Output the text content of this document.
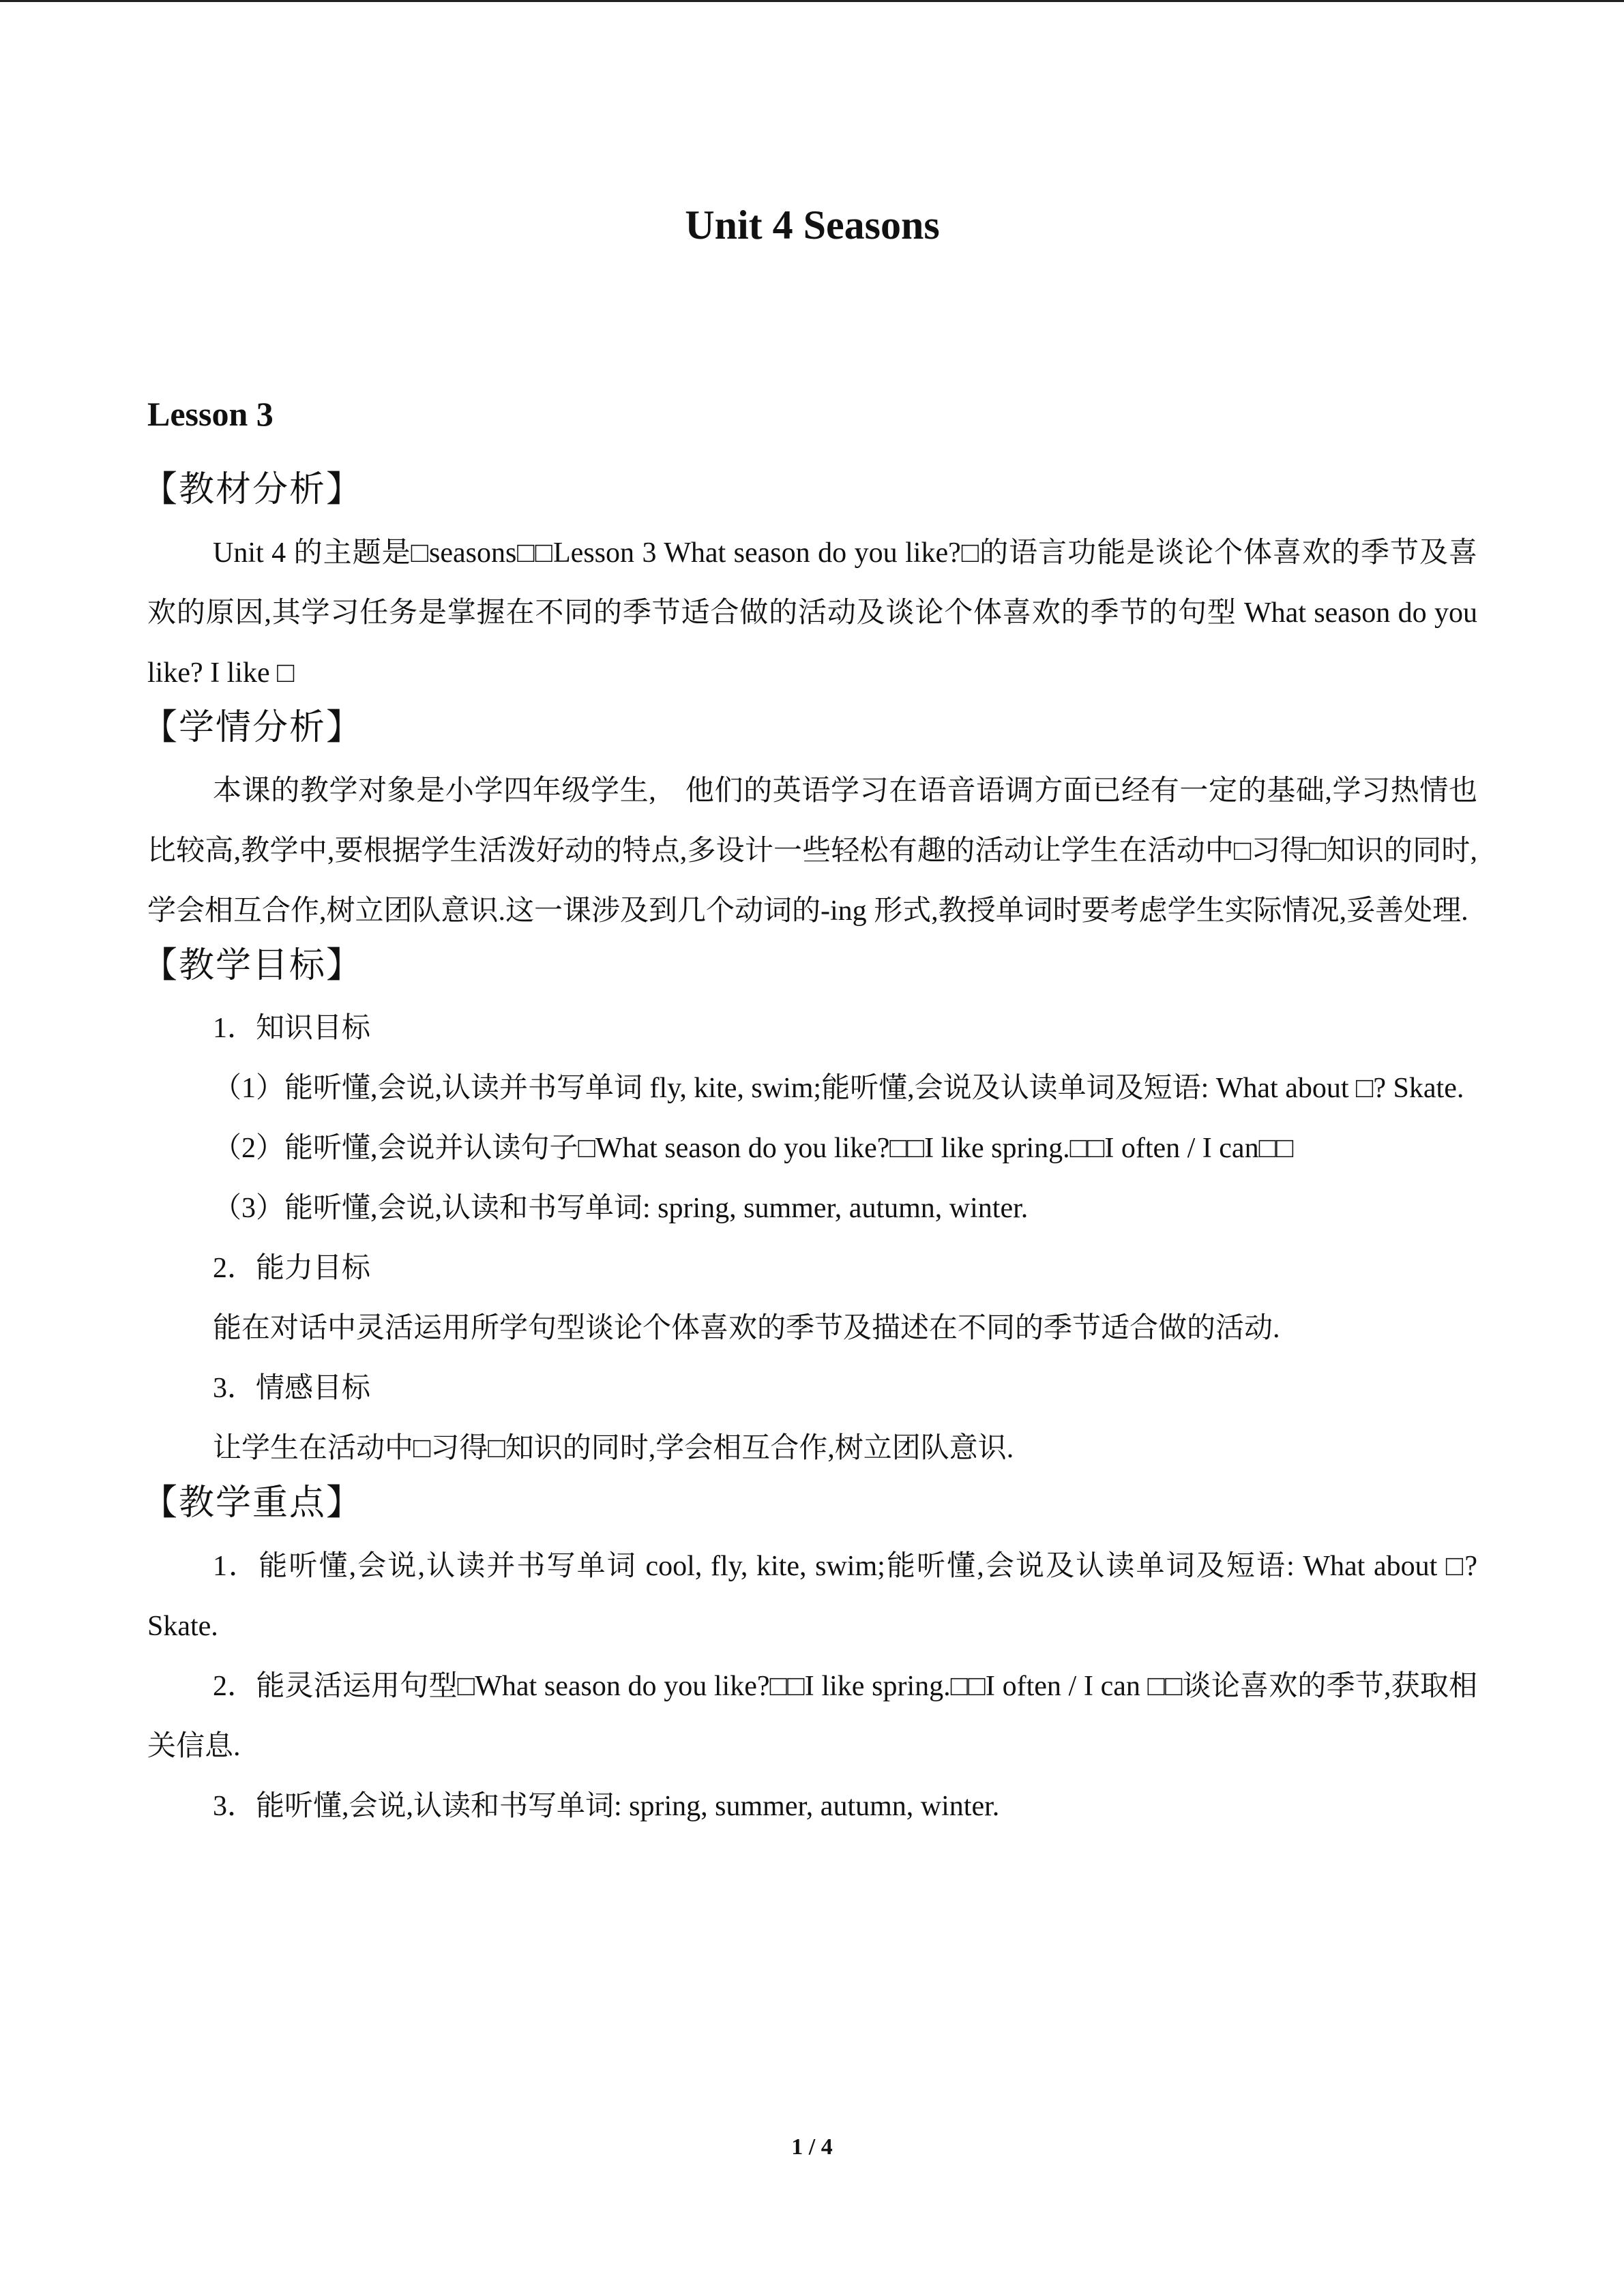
Unit 4 Seasons
Lesson 3
【教材分析】

Unit 4 的主题是□seasons□□Lesson 3 What season do you like?□的语言功能是谈论个体喜欢的季节及喜欢的原因,其学习任务是掌握在不同的季节适合做的活动及谈论个体喜欢的季节的句型 What season do you like? I like □

【学情分析】

本课的教学对象是小学四年级学生,　他们的英语学习在语音语调方面已经有一定的基础,学习热情也比较高,教学中,要根据学生活泼好动的特点,多设计一些轻松有趣的活动让学生在活动中□习得□知识的同时,学会相互合作,树立团队意识.这一课涉及到几个动词的-ing 形式,教授单词时要考虑学生实际情况,妥善处理.

【教学目标】

1．知识目标

（1）能听懂,会说,认读并书写单词 fly, kite, swim;能听懂,会说及认读单词及短语: What about □? Skate.

（2）能听懂,会说并认读句子□What season do you like?□□I like spring.□□I often / I can□□

（3）能听懂,会说,认读和书写单词: spring, summer, autumn, winter.

2．能力目标

能在对话中灵活运用所学句型谈论个体喜欢的季节及描述在不同的季节适合做的活动.

3．情感目标

让学生在活动中□习得□知识的同时,学会相互合作,树立团队意识.

【教学重点】

1．能听懂,会说,认读并书写单词 cool, fly, kite, swim;能听懂,会说及认读单词及短语: What about □? Skate.

2．能灵活运用句型□What season do you like?□□I like spring.□□I often / I can □□谈论喜欢的季节,获取相关信息.

3．能听懂,会说,认读和书写单词: spring, summer, autumn, winter.

1 / 4
